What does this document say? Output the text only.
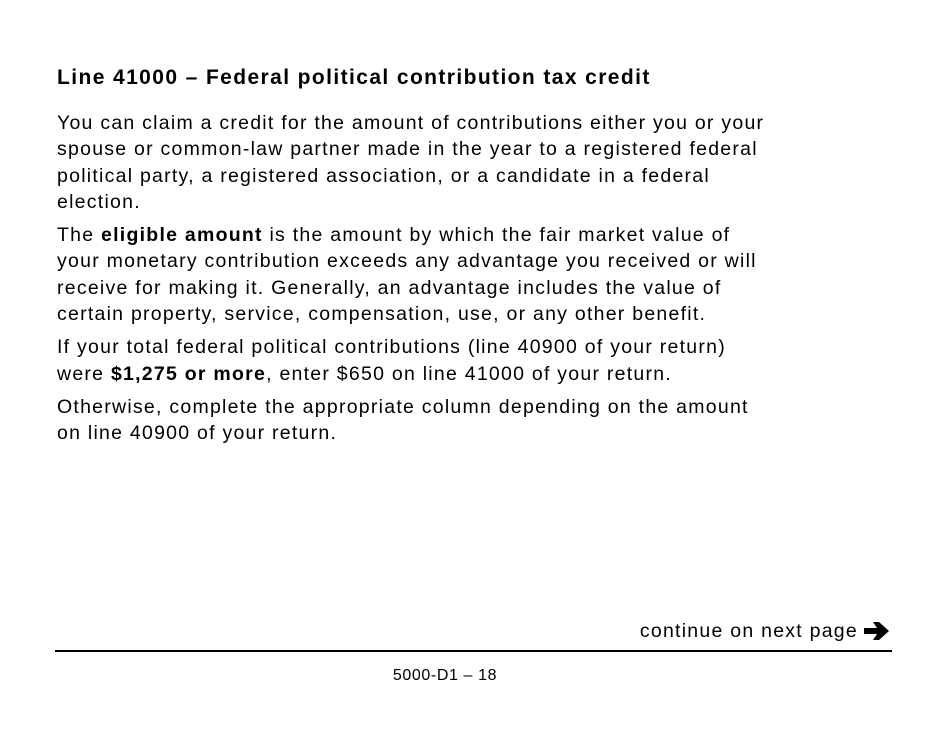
Line 41000 – Federal political contribution tax credit

You can claim a credit for the amount of contributions either you or your
spouse or common-law partner made in the year to a registered federal
political party, a registered association, or a candidate in a federal
election.

The eligible amount is the amount by which the fair market value of
your monetary contribution exceeds any advantage you received or will
receive for making it. Generally, an advantage includes the value of
certain property, service, compensation, use, or any other benefit.

If your total federal political contributions (line 40900 of your return)
were $1,275 or more, enter $650 on line 41000 of your return.

Otherwise, complete the appropriate column depending on the amount
on line 40900 of your return.

continue on next page
5000-D1 – 18
